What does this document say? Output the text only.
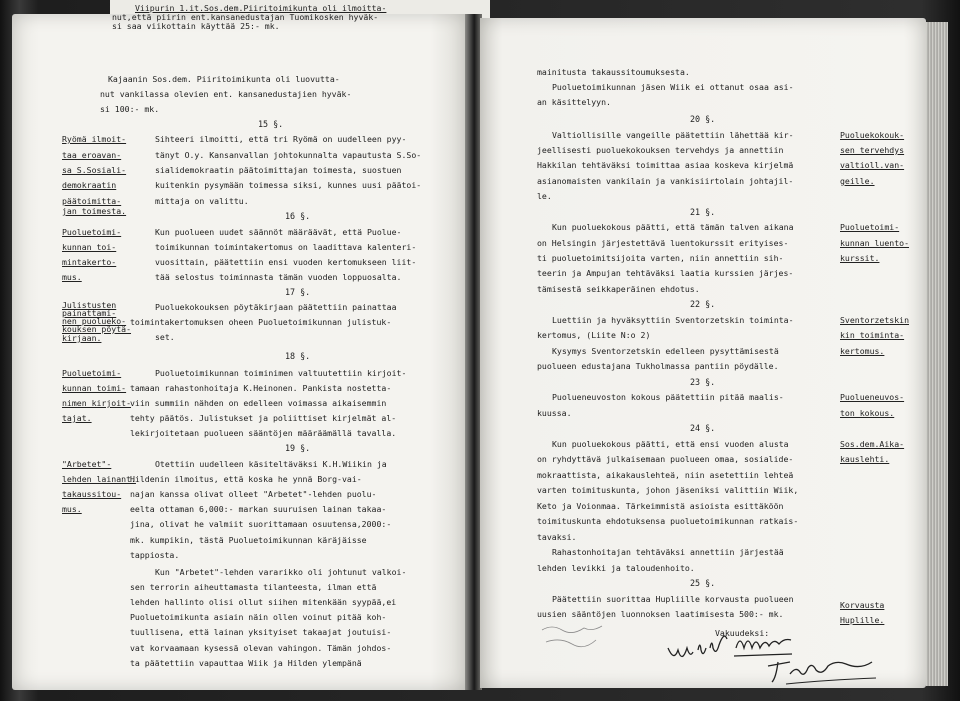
Viipurin 1.it.Sos.dem.Piiritoimikunta oli ilmoitta-
nut,että piirin ent.kansanedustajan Tuomikosken hyväk-
si saa viikottain käyttää 25:- mk.
Kajaanin Sos.dem. Piiritoimikunta oli luovutta-
nut vankilassa olevien ent. kansanedustajien hyväk-
si 100:- mk.
15 §.
Sihteeri ilmoitti, että tri Ryömä on uudelleen pyy-
tänyt O.y. Kansanvallan johtokunnalta vapautusta S.So-
sialidemokraatin päätoimittajan toimesta, suostuen
kuitenkin pysymään toimessa siksi, kunnes uusi päätoi-
mittaja on valittu.
16 §.
Kun puolueen uudet säännöt määräävät, että Puolue-
toimikunnan toimintakertomus on laadittava kalenteri-
vuosittain, päätettiin ensi vuoden kertomukseen liit-
tää selostus toiminnasta tämän vuoden loppuosalta.
17 §.
Puoluekokouksen pöytäkirjaan päätettiin painattaa
toimintakertomuksen oheen Puoluetoimikunnan julistuk-
set.
18 §.
Puoluetoimikunnan toiminimen valtuutettiin kirjoit-
tamaan rahastonhoitaja K.Heinonen. Pankista nostetta-
viin summiin nähden on edelleen voimassa aikaisemmin
tehty päätös. Julistukset ja poliittiset kirjelmät al-
lekirjoitetaan puolueen sääntöjen määräämällä tavalla.
19 §.
Otettiin uudelleen käsiteltäväksi K.H.Wiikin ja
Hildenin ilmoitus, että koska he ynnä Borg-vai-
najan kanssa olivat olleet "Arbetet"-lehden puolu-
eelta ottaman 6,000:- markan suuruisen lainan takaa-
jina, olivat he valmiit suorittamaan osuutensa,2000:-
mk. kumpikin, tästä Puoluetoimikunnan käräjäisse
tappiosta.
Kun "Arbetet"-lehden vararikko oli johtunut valkoi-
sen terrorin aiheuttamasta tilanteesta, ilman että
lehden hallinto olisi ollut siihen mitenkään syypää,ei
Puoluetoimikunta asiain näin ollen voinut pitää koh-
tuullisena, että lainan yksityiset takaajat joutuisi-
vat korvaamaan kysessä olevan vahingon. Tämän johdos-
ta päätettiin vapauttaa Wiik ja Hilden ylempänä
Ryömä ilmoit-
taa eroavan-
sa S.Sosiali-
demokraatin
päätoimitta-
jan toimesta.
Puoluetoimi-
kunnan toi-
mintakerto-
mus.
Julistusten
painattami-
nen puolueko-
kouksen pöytä-
kirjaan.
Puoluetoimi-
kunnan toimi-
nimen kirjoit-
tajat.
"Arbetet"-
lehden lainant.
takaussitou-
mus.
mainitusta takaussitoumuksesta.
Puoluetoimikunnan jäsen Wiik ei ottanut osaa asi-
an käsittelyyn.
20 §.
Valtiollisille vangeille päätettiin lähettää kir-
jeellisesti puoluekokouksen tervehdys ja annettiin
Hakkilan tehtäväksi toimittaa asiaa koskeva kirjelmä
asianomaisten vankilain ja vankisiirtolain johtajil-
le.
21 §.
Kun puoluekokous päätti, että tämän talven aikana
on Helsingin järjestettävä luentokurssit erityises-
ti puoluetoimitsijoita varten, niin annettiin sih-
teerin ja Ampujan tehtäväksi laatia kurssien järjes-
tämisestä seikkaperäinen ehdotus.
22 §.
Luettiin ja hyväksyttiin Sventorzetskin toiminta-
kertomus, (Liite N:o 2)
Kysymys Sventorzetskin edelleen pysyttämisestä
puolueen edustajana Tukholmassa pantiin pöydälle.
23 §.
Puolueneuvoston kokous päätettiin pitää maalis-
kuussa.
24 §.
Kun puoluekokous päätti, että ensi vuoden alusta
on ryhdyttävä julkaisemaan puolueen omaa, sosialide-
mokraattista, aikakauslehteä, niin asetettiin lehteä
varten toimituskunta, johon jäseniksi valittiin Wiik,
Keto ja Voionmaa. Tärkeimmistä asioista esittäköön
toimituskunta ehdotuksensa puoluetoimikunnan ratkais-
tavaksi.
Rahastonhoitajan tehtäväksi annettiin järjestää
lehden levikki ja taloudenhoito.
25 §.
Päätettiin suorittaa Hupliille korvausta puolueen
uusien sääntöjen luonnoksen laatimisesta 500:- mk.
Vakuudeksi:
Puoluekokouk-
sen tervehdys
valtioll.van-
geille.
Puoluetoimi-
kunnan luento-
kurssit.
Sventorzetskin
kin toiminta-
kertomus.
Puolueneuvos-
ton kokous.
Sos.dem.Aika-
kauslehti.
Korvausta
Huplille.
